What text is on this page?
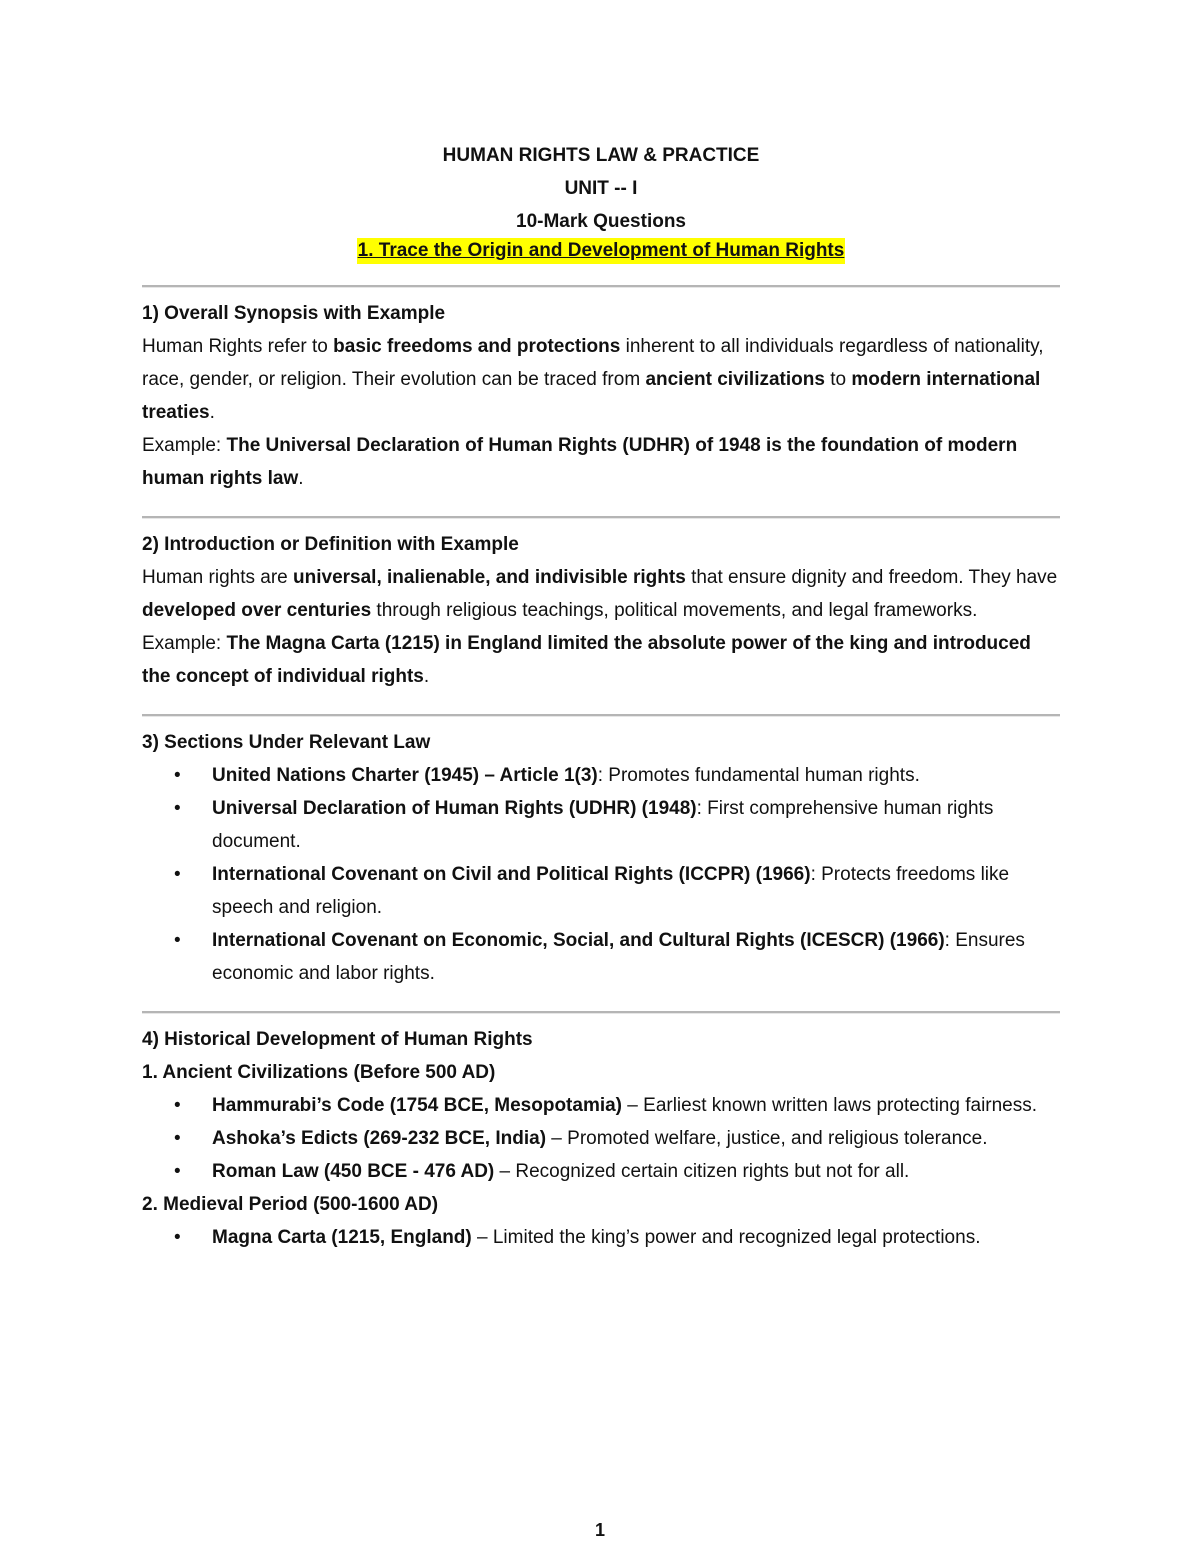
HUMAN RIGHTS LAW & PRACTICE
UNIT -- I
10-Mark Questions
1. Trace the Origin and Development of Human Rights
1) Overall Synopsis with Example
Human Rights refer to basic freedoms and protections inherent to all individuals regardless of nationality, race, gender, or religion. Their evolution can be traced from ancient civilizations to modern international treaties.
Example: The Universal Declaration of Human Rights (UDHR) of 1948 is the foundation of modern human rights law.
2) Introduction or Definition with Example
Human rights are universal, inalienable, and indivisible rights that ensure dignity and freedom. They have developed over centuries through religious teachings, political movements, and legal frameworks.
Example: The Magna Carta (1215) in England limited the absolute power of the king and introduced the concept of individual rights.
3) Sections Under Relevant Law
• United Nations Charter (1945) – Article 1(3): Promotes fundamental human rights.
• Universal Declaration of Human Rights (UDHR) (1948): First comprehensive human rights document.
• International Covenant on Civil and Political Rights (ICCPR) (1966): Protects freedoms like speech and religion.
• International Covenant on Economic, Social, and Cultural Rights (ICESCR) (1966): Ensures economic and labor rights.
4) Historical Development of Human Rights
1. Ancient Civilizations (Before 500 AD)
• Hammurabi’s Code (1754 BCE, Mesopotamia) – Earliest known written laws protecting fairness.
• Ashoka’s Edicts (269-232 BCE, India) – Promoted welfare, justice, and religious tolerance.
• Roman Law (450 BCE - 476 AD) – Recognized certain citizen rights but not for all.
2. Medieval Period (500-1600 AD)
• Magna Carta (1215, England) – Limited the king’s power and recognized legal protections.
1
